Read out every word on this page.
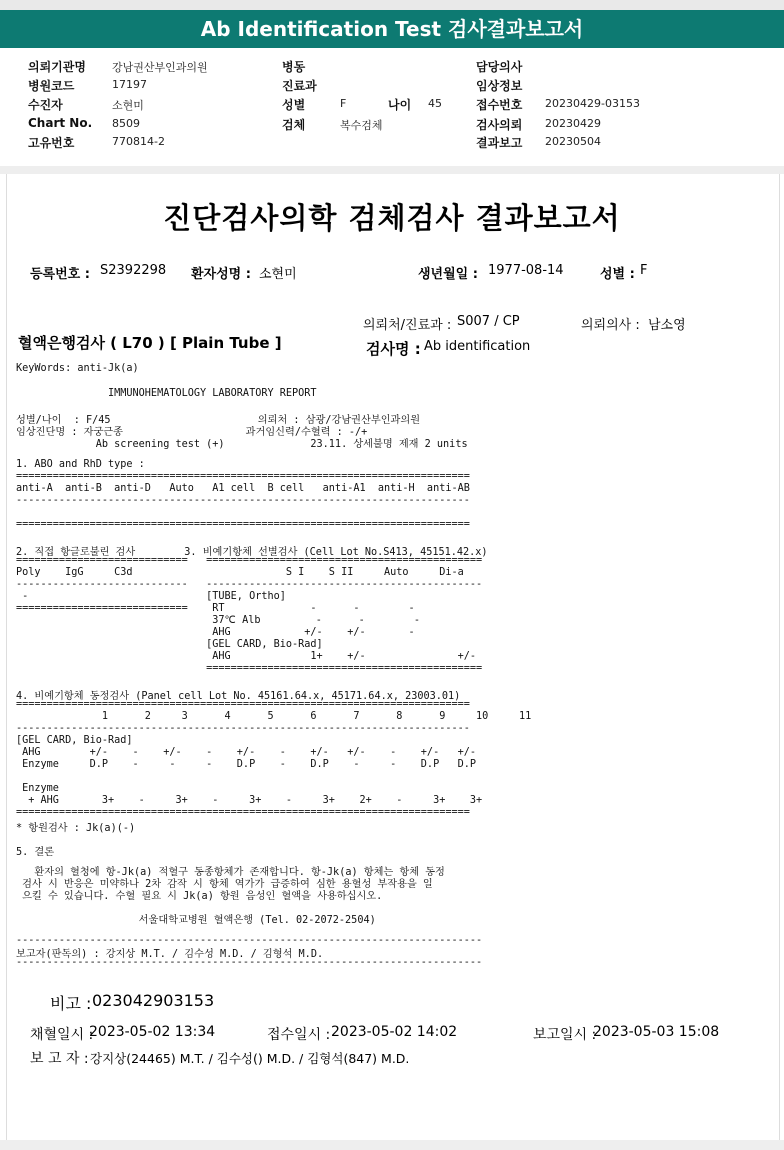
Ab Identification Test 검사결과보고서
의뢰기관명 강남권산부인과의원
병원코드	17197
수진자	소현미
Chart No. 8509
고유번호	770814-2
병동
진료과
성별	F	나이 45
검체	복수검체
담당의사
임상정보
접수번호 20230429-03153
검사의뢰 20230429
결과보고 20230504
진단검사의학 검체검사 결과보고서
등록번호 : S2392298 환자성명 : 소현미	생년월일 : 1977-08-14	성별 : F
의뢰처/진료과 : S007 / CP	의뢰의사 : 남소영
혈액은행검사 ( L70 ) [ Plain Tube ]	검사명 : Ab identification
KeyWords: anti-Jk(a)
IMMUNOHEMATOLOGY LABORATORY REPORT
성별/나이  : F/45                        의뢰처 : 삼광/강남권산부인과의원
임상진단명 : 자궁근종                    과거임신력/수혈력 : -/+
Ab screening test (+)              23.11. 상세불명 제재 2 units
1. ABO and RhD type :
==========================================================================
anti-A  anti-B  anti-D   Auto   A1 cell  B cell   anti-A1  anti-H  anti-AB
--------------------------------------------------------------------------
==========================================================================
2. 직접 항글로불린 검사        3. 비예기항체 선별검사 (Cell Lot No.S413, 45151.42.x)
============================   =============================================
Poly    IgG     C3d                         S I    S II     Auto     Di-a
----------------------------   ---------------------------------------------
-                             [TUBE, Ortho]
============================    RT              -      -        -
37℃ Alb         -      -        -
AHG            +/-    +/-       -
[GEL CARD, Bio-Rad]
AHG             1+    +/-               +/-
=============================================
4. 비예기항체 동정검사 (Panel cell Lot No. 45161.64.x, 45171.64.x, 23003.01)
==========================================================================
1      2     3      4      5      6      7      8      9     10     11
--------------------------------------------------------------------------
[GEL CARD, Bio-Rad]
AHG        +/-    -    +/-    -    +/-    -    +/-   +/-    -    +/-   +/-
Enzyme     D.P    -     -     -    D.P    -    D.P    -     -    D.P   D.P
Enzyme
+ AHG       3+    -     3+    -     3+    -     3+    2+    -     3+    3+
==========================================================================
* 항원검사 : Jk(a)(-)
5. 결론
환자의 혈청에 항-Jk(a) 적혈구 동종항체가 존재합니다. 항-Jk(a) 항체는 항체 동정
검사 시 반응은 미약하나 2차 감작 시 항체 역가가 급증하여 심한 용혈성 부작용을 일
으킬 수 있습니다. 수혈 필요 시 Jk(a) 항원 음성인 혈액을 사용하십시오.
서울대학교병원 혈액은행 (Tel. 02-2072-2504)
----------------------------------------------------------------------------
보고자(판독의) : 강지상 M.T. / 김수성 M.D. / 김형석 M.D.
----------------------------------------------------------------------------
비고 : 023042903153
채혈일시 :
2023-05-02 13:34	접수일시 : 2023-05-02 14:02	보고일시 :
2023-05-03 15:08
보 고 자 : 강지상(24465) M.T. / 김수성() M.D. / 김형석(847) M.D.
